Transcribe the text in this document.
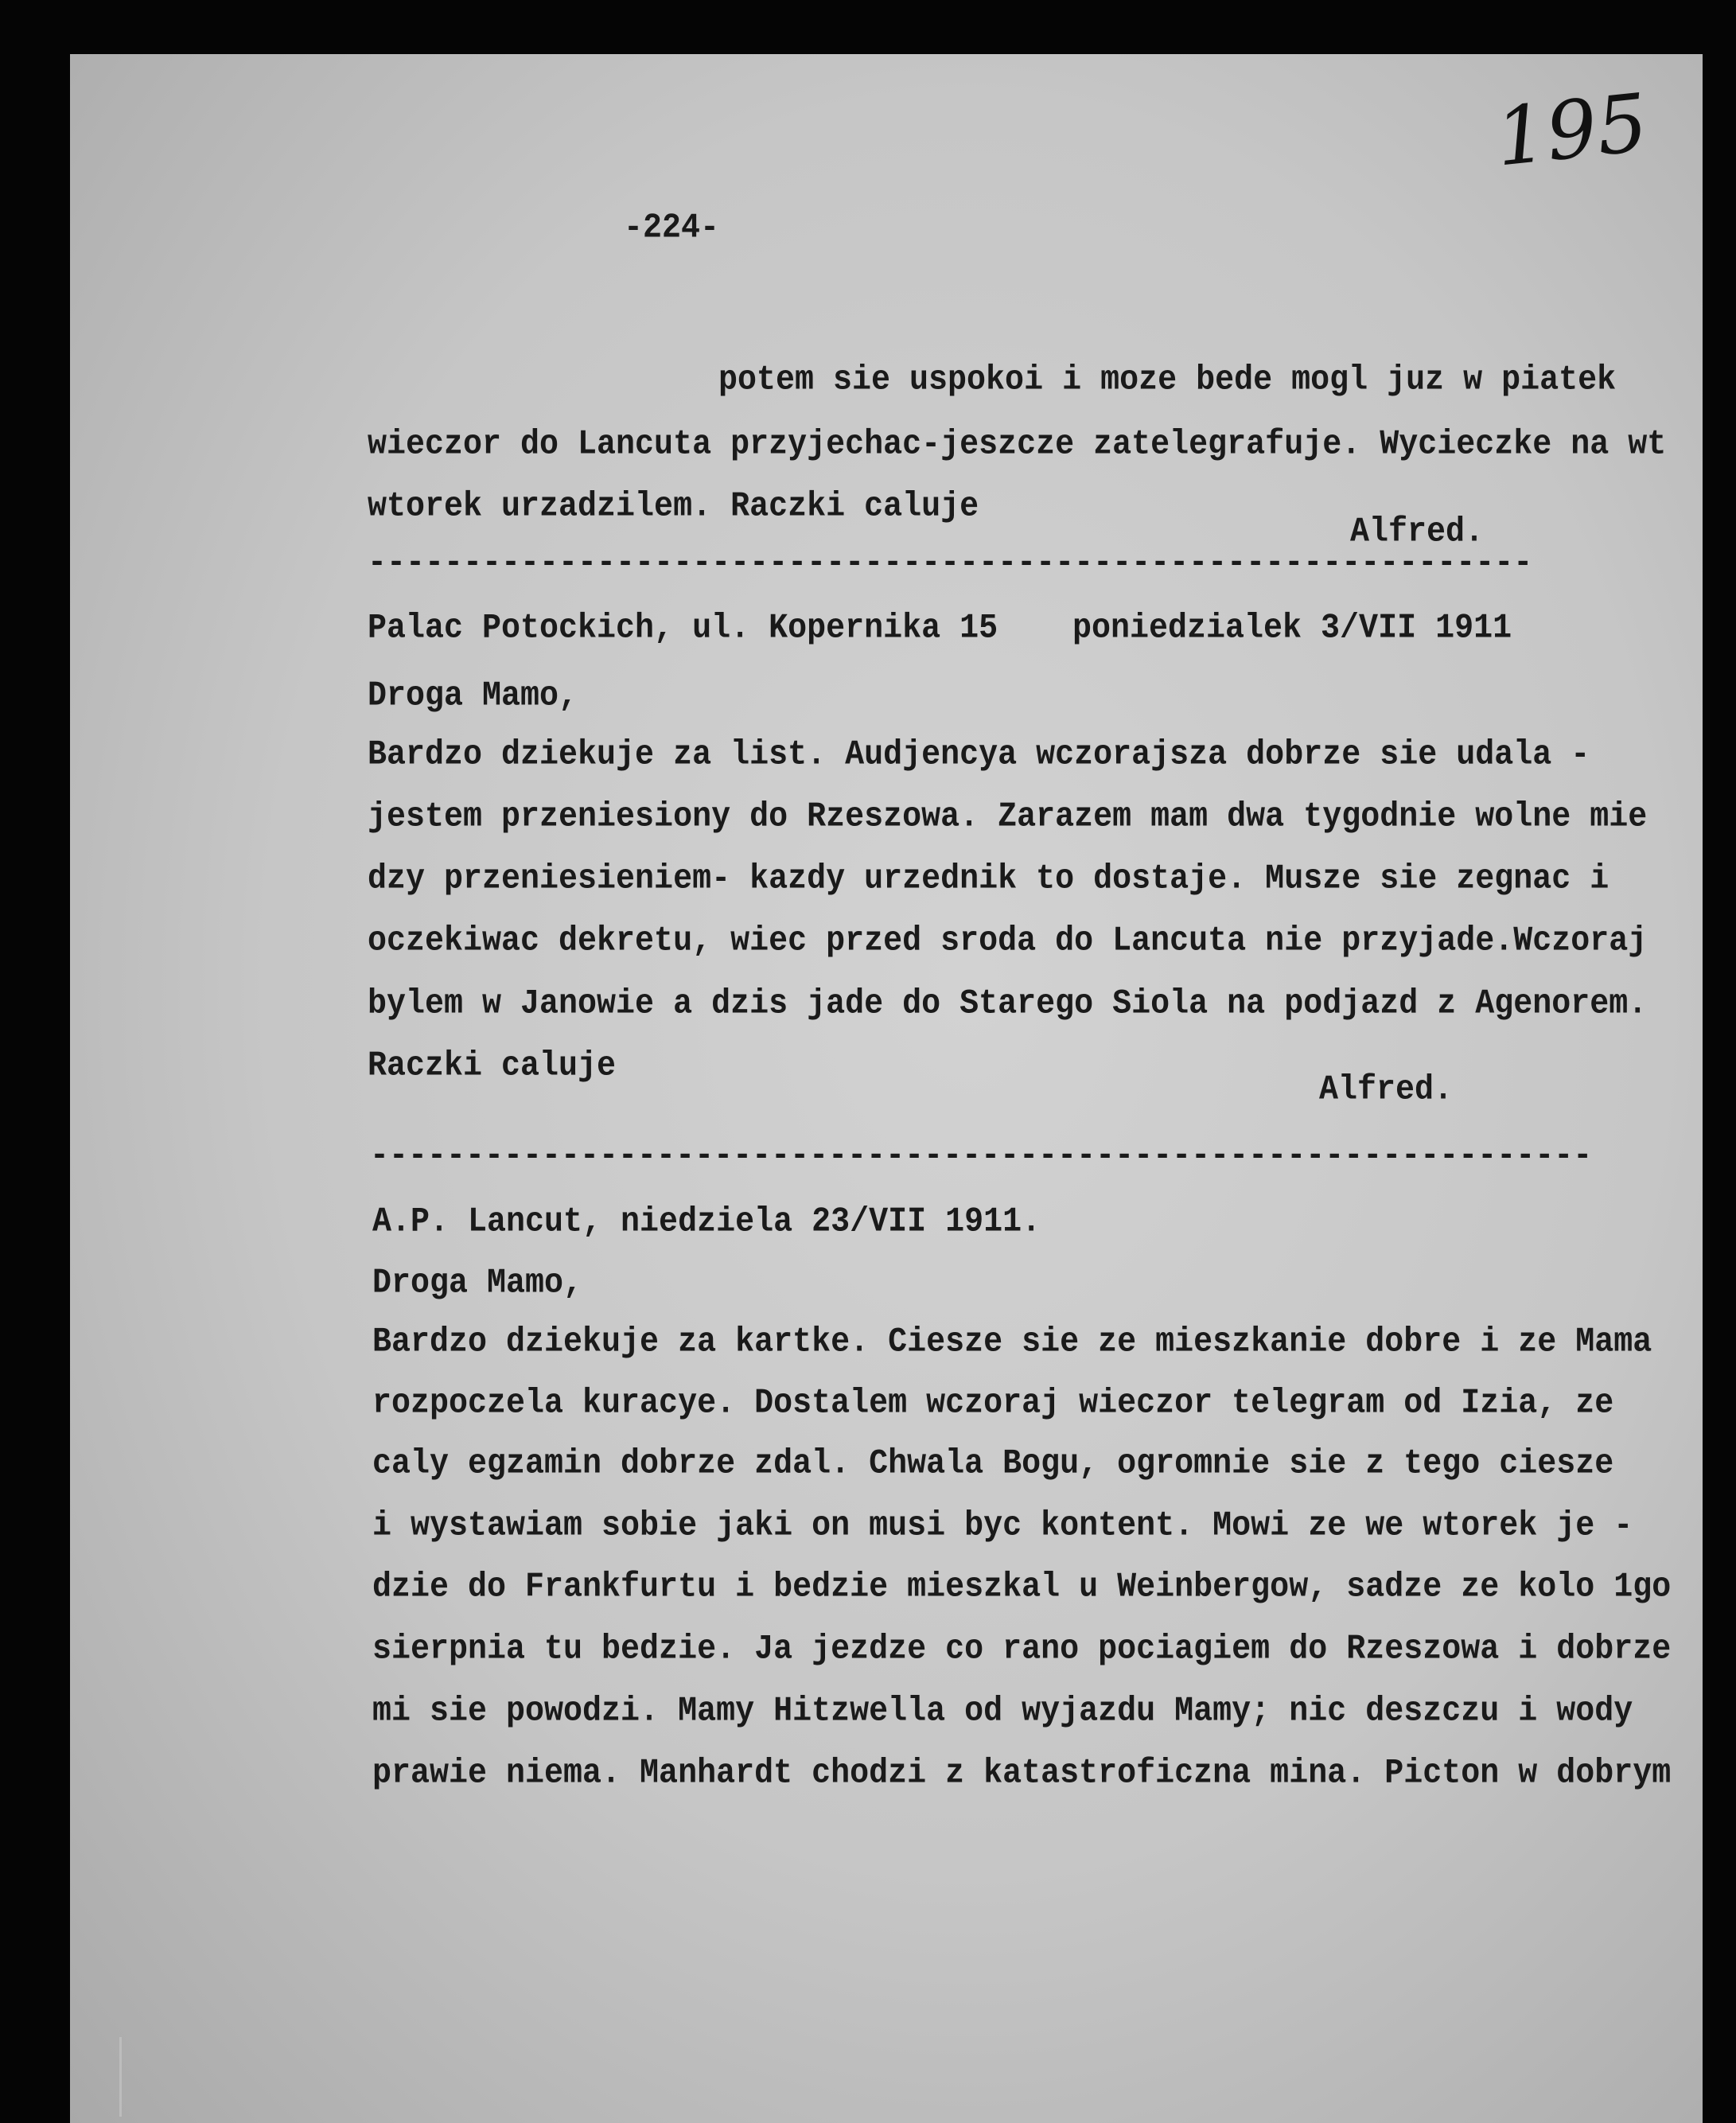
195
-224-
potem sie uspokoi i moze bede mogl juz w piatek
wieczor do Lancuta przyjechac-jeszcze zatelegrafuje. Wycieczke na wt
wtorek urzadzilem. Raczki caluje
Alfred.
-------------------------------------------------------------
Palac Potockich, ul. Kopernika 15 poniedzialek 3/VII 1911
Droga Mamo,
Bardzo dziekuje za list. Audjencya wczorajsza dobrze sie udala -
jestem przeniesiony do Rzeszowa. Zarazem mam dwa tygodnie wolne mie
dzy przeniesieniem- kazdy urzednik to dostaje. Musze sie zegnac i
oczekiwac dekretu, wiec przed sroda do Lancuta nie przyjade.Wczoraj
bylem w Janowie a dzis jade do Starego Siola na podjazd z Agenorem.
Raczki caluje
Alfred.
----------------------------------------------------------------
A.P. Lancut, niedziela 23/VII 1911.
Droga Mamo,
Bardzo dziekuje za kartke. Ciesze sie ze mieszkanie dobre i ze Mama
rozpoczela kuracye. Dostalem wczoraj wieczor telegram od Izia, ze
caly egzamin dobrze zdal. Chwala Bogu, ogromnie sie z tego ciesze
i wystawiam sobie jaki on musi byc kontent. Mowi ze we wtorek je -
dzie do Frankfurtu i bedzie mieszkal u Weinbergow, sadze ze kolo 1go
sierpnia tu bedzie. Ja jezdze co rano pociagiem do Rzeszowa i dobrze
mi sie powodzi. Mamy Hitzwella od wyjazdu Mamy; nic deszczu i wody
prawie niema. Manhardt chodzi z katastroficzna mina. Picton w dobrym
